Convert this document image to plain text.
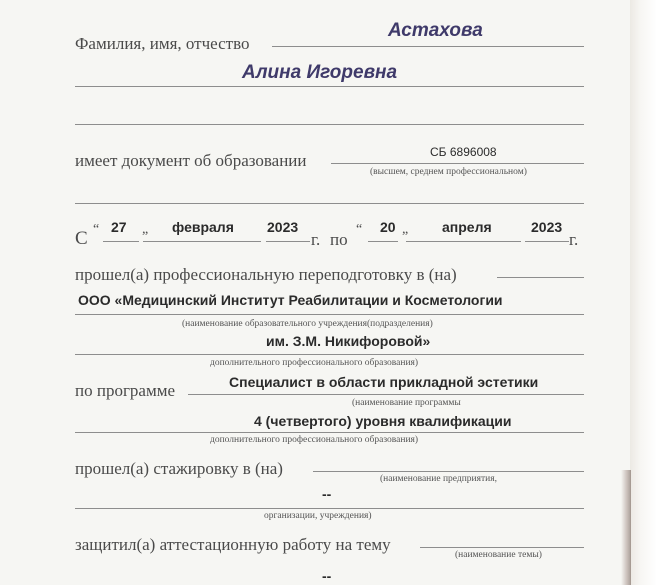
Фамилия, имя, отчество
Астахова
Алина Игоревна
имеет документ об образовании	СБ 6896008
(высшем, среднем профессиональном)
С “ 27 „ февраля 2023
г. по
“ 20 „ апреля	2023
г.
прошел(а) профессиональную переподготовку в (на)
ООО «Медицинский Институт Реабилитации и Косметологии
(наименование образовательного учреждения(подразделения)
им. З.М. Никифоровой»
дополнительного профессионального образования)
по программе	Специалист в области прикладной эстетики
(наименование программы
4 (четвертого) уровня квалификации
дополнительного профессионального образования)
прошел(а) стажировку в (на)
(наименование предприятия,
--
организации, учреждения)
защитил(а) аттестационную работу на тему
(наименование темы)
--
